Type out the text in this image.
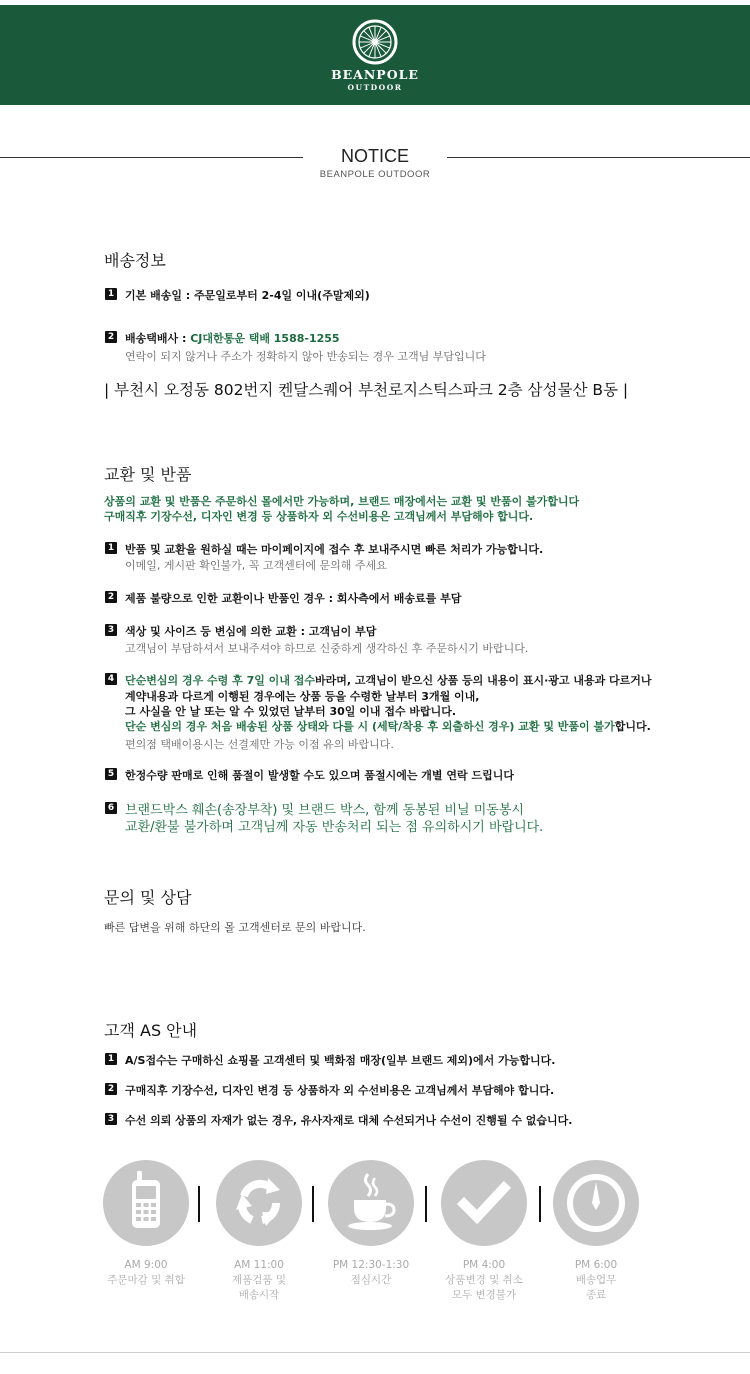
BEANPOLE
OUTDOOR
NOTICE
BEANPOLE OUTDOOR
배송정보
1 기본 배송일 : 주문일로부터 2-4일 이내(주말제외)
2 배송택배사 : CJ대한통운 택배 1588-1255
연락이 되지 않거나 주소가 정확하지 않아 반송되는 경우 고객님 부담입니다
| 부천시 오정동 802번지 켄달스퀘어 부천로지스틱스파크 2층 삼성물산 B동 |
교환 및 반품
상품의 교환 및 반품은 주문하신 몰에서만 가능하며, 브랜드 매장에서는 교환 및 반품이 불가합니다
구매직후 기장수선, 디자인 변경 등 상품하자 외 수선비용은 고객님께서 부담해야 합니다.
1 반품 및 교환을 원하실 때는 마이페이지에 접수 후 보내주시면 빠른 처리가 가능합니다.
이메일, 게시판 확인불가, 꼭 고객센터에 문의해 주세요
2 제품 불량으로 인한 교환이나 반품인 경우 : 회사측에서 배송료를 부담
3 색상 및 사이즈 등 변심에 의한 교환 : 고객님이 부담
고객님이 부담하셔서 보내주셔야 하므로 신중하게 생각하신 후 주문하시기 바랍니다.
4 단순변심의 경우 수령 후 7일 이내 접수바라며, 고객님이 받으신 상품 등의 내용이 표시·광고 내용과 다르거나
계약내용과 다르게 이행된 경우에는 상품 등을 수령한 날부터 3개월 이내,
그 사실을 안 날 또는 알 수 있었던 날부터 30일 이내 접수 바랍니다.
단순 변심의 경우 처음 배송된 상품 상태와 다를 시 (세탁/착용 후 외출하신 경우) 교환 및 반품이 불가합니다.
편의점 택배이용시는 선결제만 가능 이점 유의 바랍니다.
5 한정수량 판매로 인해 품절이 발생할 수도 있으며 품절시에는 개별 연락 드립니다
6 브랜드박스 훼손(송장부착) 및 브랜드 박스, 함께 동봉된 비닐 미동봉시
교환/환불 불가하며 고객님께 자동 반송처리 되는 점 유의하시기 바랍니다.
문의 및 상담
빠른 답변을 위해 하단의 몰 고객센터로 문의 바랍니다.
고객 AS 안내
1 A/S접수는 구매하신 쇼핑몰 고객센터 및 백화점 매장(일부 브랜드 제외)에서 가능합니다.
2 구매직후 기장수선, 디자인 변경 등 상품하자 외 수선비용은 고객님께서 부담해야 합니다.
3 수선 의뢰 상품의 자재가 없는 경우, 유사자재로 대체 수선되거나 수선이 진행될 수 없습니다.
AM 9:00
주문마감 및 취합
AM 11:00
제품검품 및
배송시작
PM 12:30-1:30
점심시간
PM 4:00
상품변경 및 취소
모두 변경불가
PM 6:00
배송업무
종료
